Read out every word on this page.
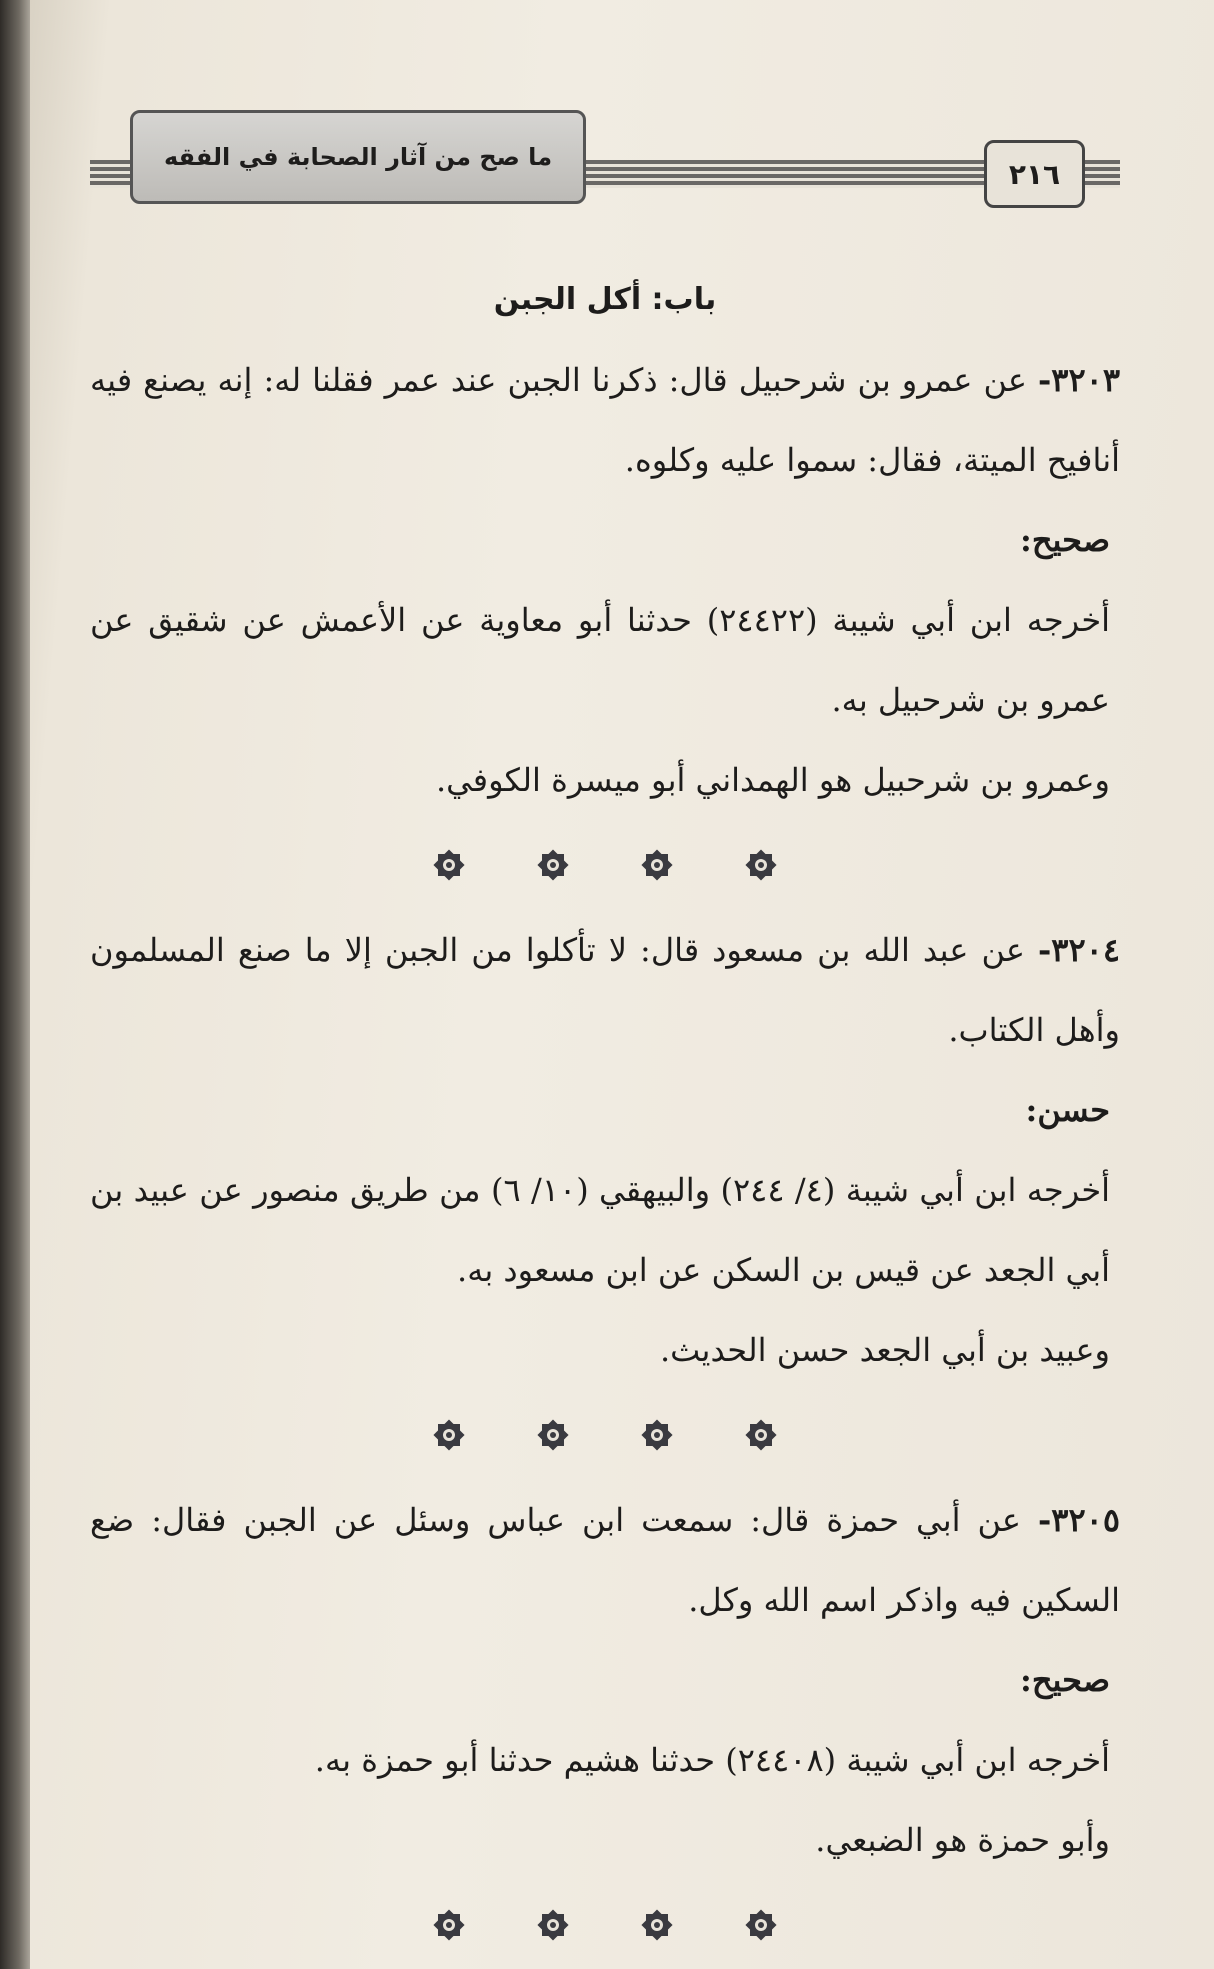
ما صح من آثار الصحابة في الفقه
٢١٦
باب: أكل الجبن

٣٢٠٣- عن عمرو بن شرحبيل قال: ذكرنا الجبن عند عمر فقلنا له: إنه يصنع فيه أنافيح الميتة، فقال: سموا عليه وكلوه.

صحيح:

أخرجه ابن أبي شيبة (٢٤٤٢٢) حدثنا أبو معاوية عن الأعمش عن شقيق عن عمرو بن شرحبيل به.

وعمرو بن شرحبيل هو الهمداني أبو ميسرة الكوفي.

٣٢٠٤- عن عبد الله بن مسعود قال: لا تأكلوا من الجبن إلا ما صنع المسلمون وأهل الكتاب.

حسن:

أخرجه ابن أبي شيبة (٤/ ٢٤٤) والبيهقي (١٠/ ٦) من طريق منصور عن عبيد بن أبي الجعد عن قيس بن السكن عن ابن مسعود به.

وعبيد بن أبي الجعد حسن الحديث.

٣٢٠٥- عن أبي حمزة قال: سمعت ابن عباس وسئل عن الجبن فقال: ضع السكين فيه واذكر اسم الله وكل.

صحيح:

أخرجه ابن أبي شيبة (٢٤٤٠٨) حدثنا هشيم حدثنا أبو حمزة به.

وأبو حمزة هو الضبعي.
